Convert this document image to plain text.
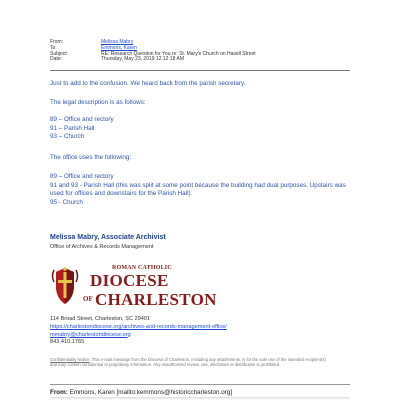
From:	Melissa Mabry
To:	Emmons, Karen
Subject:	RE: Research Question for You re: St. Mary's Church on Hasell Street
Date:	Thursday, May 23, 2019 12:12:18 AM
Just to add to the confusion. We heard back from the parish secretary.
The legal description is as follows:
89 – Office and rectory
91 – Parish Hall
93 – Church
The office uses the following:
89 – Office and rectory
91 and 93 - Parish Hall (this was split at some point because the building had dual purposes. Upstairs was used for offices and downstairs for the Parish Hall).
95 - Church
Melissa Mabry, Associate Archivist
Office of Archives & Records Management
ROMAN CATHOLIC
DIOCESE
OF CHARLESTON
114 Broad Street, Charleston, SC 29401
https://charlestondiocese.org/archives-and-records-management-office/
mmabry@charlestondiocese.org
843.410.1765
Confidentiality Notice: This e-mail message from the Diocese of Charleston, including any attachments, is for the sole use of the intended recipient(s) and may contain confidential or proprietary information. Any unauthorized review, use, disclosure or distribution is prohibited.
From: Emmons, Karen [mailto:kemmons@historiccharleston.org]
